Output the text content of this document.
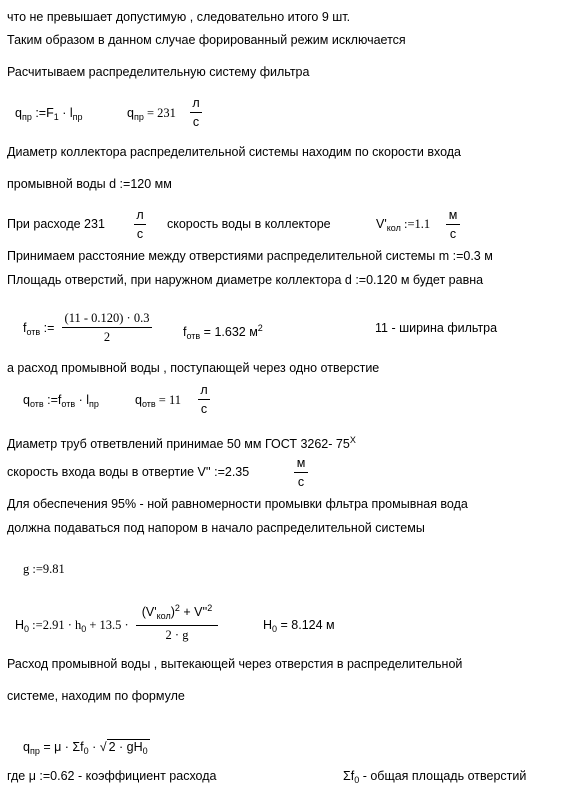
что не превышает допустимую , следовательно итого 9 шт.
Таким образом в данном случае форированный режим исключается
Расчитываем распределительную систему фильтра
$q_{пр}$ $:=F_1 \cdot l_{пр}$	$q_{пр} = 231$
л
с
Диаметр коллектора распределительной системы находим по скорости входа
промывной воды d :=120 мм
При расходе 231
л
с
скорость воды в коллекторе	$V'_{кол}$ :=1.1
м
с
Принимаем расстояние между отверстиями распределительной системы m :=0.3 м
Площадь отверстий, при наружном диаметре коллектора d :=0.120 м будет равна
$f_{отв}$ :=
(11 - 0.120) · 0.3
2	$f_{отв} = 1.632$ $м^2$	11 - ширина фильтра
а расход промывной воды , поступающей через одно отверстие
$q_{отв}$ $:=f_{отв} \cdot l_{пр}$	$q_{отв} = 11$
л
с
Диаметр труб ответвлений принимае 50 мм ГОСТ 3262- $75^Х$
скорость входа воды в отвертие V'' :=2.35
м
с
Для обеспечения 95% - ной равномерности промывки фльтра промывная вода
должна подаваться под напором в начало распределительной системы
g :=9.81
$H_0$ :=2.91 · $h_0 + 13.5$ ·
$(V'_{кол})^2 + V''^2$
2 · g
$H_0 = 8.124$ м
Расход промывной воды , вытекающей через отверстия в распределительной
системе, находим по формуле
$q_{пр} = \mu \cdot \Sigma f_0$ · √ $2 \cdot gH_0$
где μ :=0.62 - коэффициент расхода	$\Sigma f_0$ - общая площадь отверстий
